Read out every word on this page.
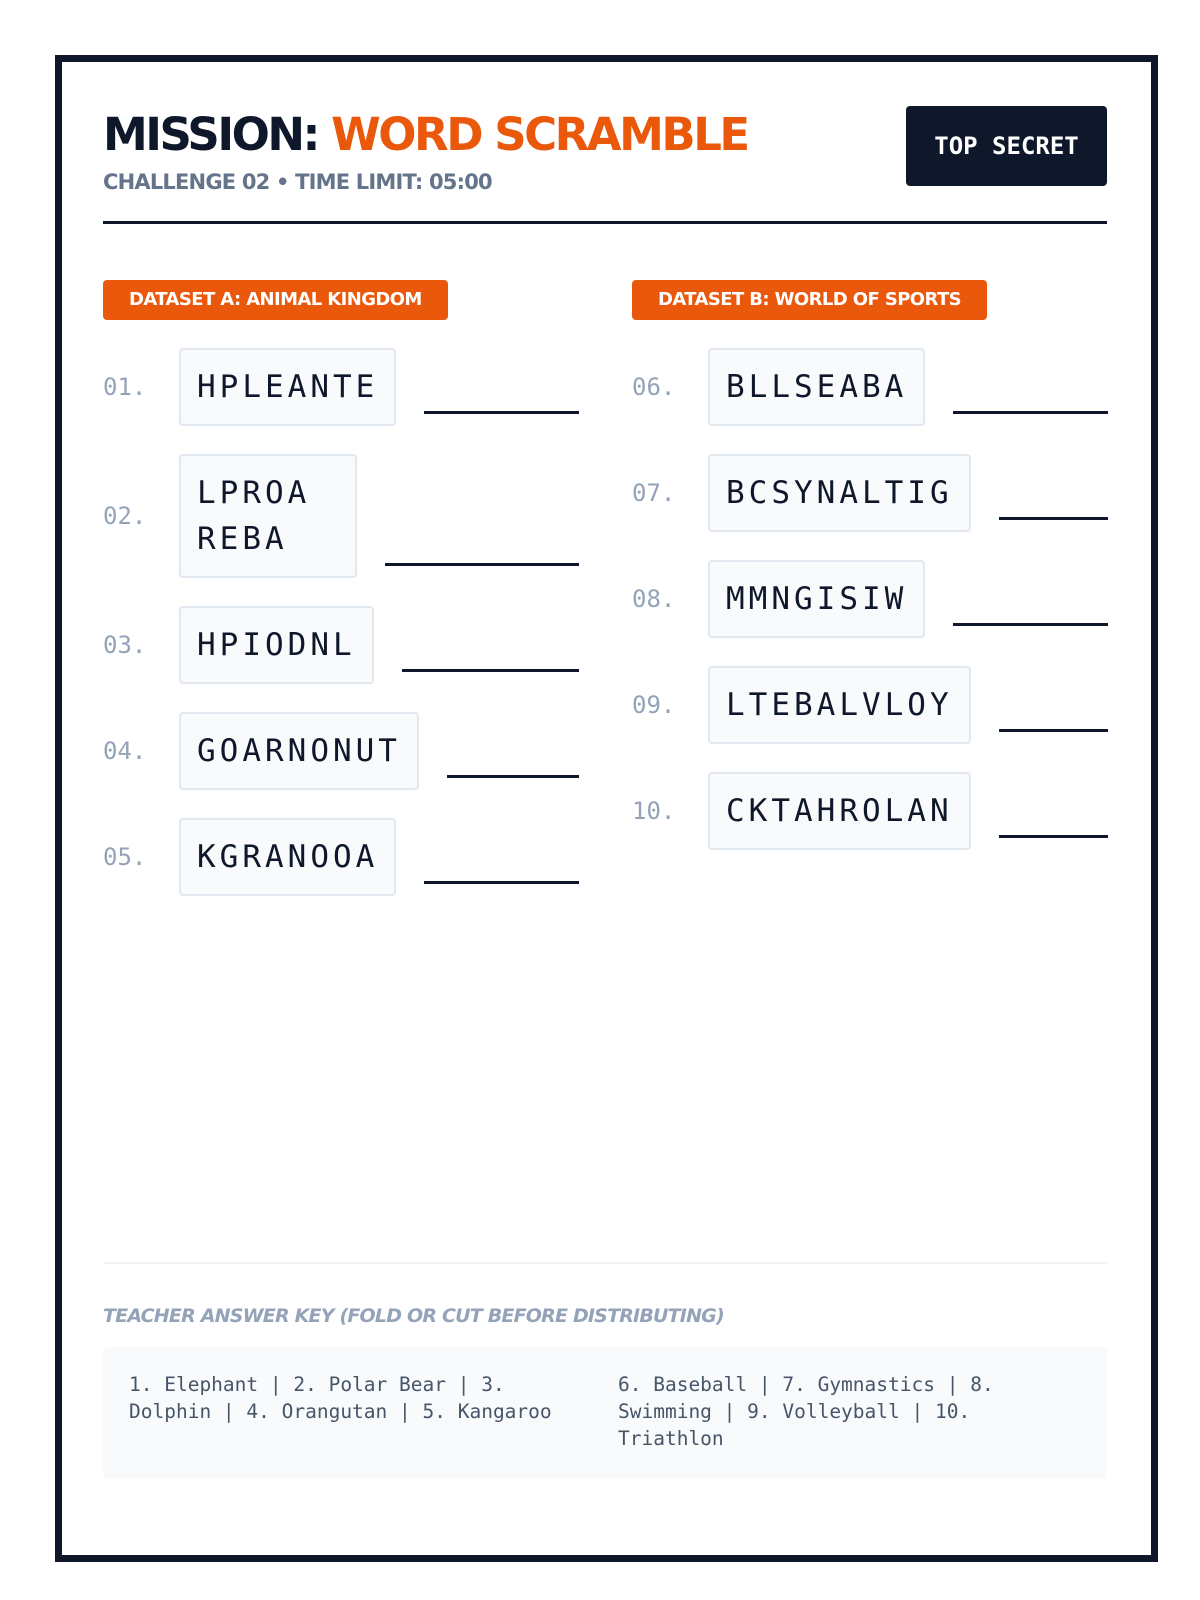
MISSION: WORD SCRAMBLE
CHALLENGE 02 • TIME LIMIT: 05:00
TOP SECRET
DATASET A: ANIMAL KINGDOM
01.	HPLEANTE
02.
LPROA REBA
03.	HPIODNL
04.	GOARNONUT
05.	KGRANOOA
DATASET B: WORLD OF SPORTS
06.	BLLSEABA
07.	BCSYNALTIG
08.	MMNGISIW
09.	LTEBALVLOY
10.	CKTAHROLAN
TEACHER ANSWER KEY (FOLD OR CUT BEFORE DISTRIBUTING)
1. Elephant | 2. Polar Bear | 3. Dolphin | 4. Orangutan | 5. Kangaroo
6. Baseball | 7. Gymnastics | 8. Swimming | 9. Volleyball | 10. Triathlon
